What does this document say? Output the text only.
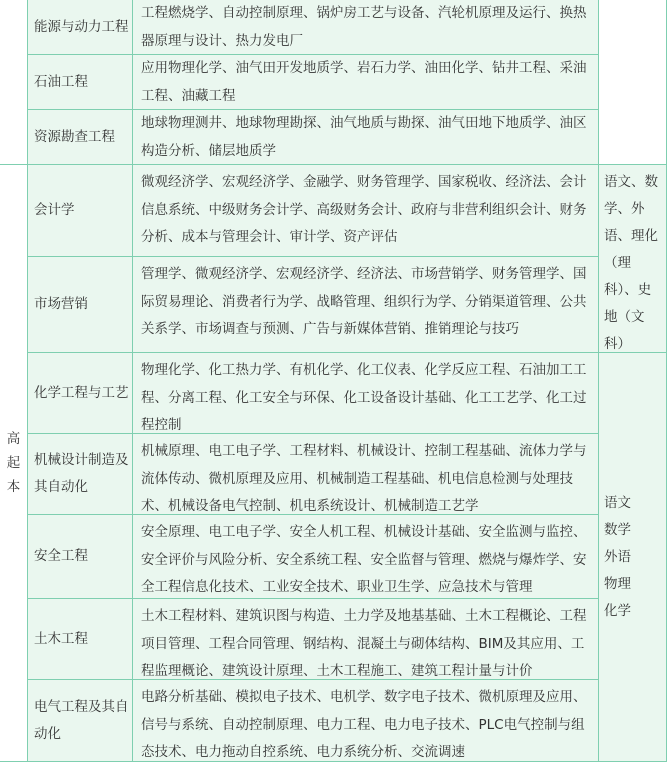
高起本
能源与动力工程
工程燃烧学、自动控制原理、锅炉房工艺与设备、汽轮机原理及运行、换热器原理与设计、热力发电厂
石油工程
应用物理化学、油气田开发地质学、岩石力学、油田化学、钻井工程、采油工程、油藏工程
资源勘查工程
地球物理测井、地球物理勘探、油气地质与勘探、油气田地下地质学、油区构造分析、储层地质学
会计学
微观经济学、宏观经济学、金融学、财务管理学、国家税收、经济法、会计信息系统、中级财务会计学、高级财务会计、政府与非营利组织会计、财务分析、成本与管理会计、审计学、资产评估
市场营销
管理学、微观经济学、宏观经济学、经济法、市场营销学、财务管理学、国际贸易理论、消费者行为学、战略管理、组织行为学、分销渠道管理、公共关系学、市场调查与预测、广告与新媒体营销、推销理论与技巧
语文、数学、外语、理化（理科）、史地（文科）
化学工程与工艺
物理化学、化工热力学、有机化学、化工仪表、化学反应工程、石油加工工程、分离工程、化工安全与环保、化工设备设计基础、化工工艺学、化工过程控制
机械设计制造及其自动化
机械原理、电工电子学、工程材料、机械设计、控制工程基础、流体力学与流体传动、微机原理及应用、机械制造工程基础、机电信息检测与处理技术、机械设备电气控制、机电系统设计、机械制造工艺学
安全工程
安全原理、电工电子学、安全人机工程、机械设计基础、安全监测与监控、安全评价与风险分析、安全系统工程、安全监督与管理、燃烧与爆炸学、安全工程信息化技术、工业安全技术、职业卫生学、应急技术与管理
土木工程
土木工程材料、建筑识图与构造、土力学及地基基础、土木工程概论、工程项目管理、工程合同管理、钢结构、混凝土与砌体结构、BIM及其应用、工程监理概论、建筑设计原理、土木工程施工、建筑工程计量与计价
电气工程及其自动化
电路分析基础、模拟电子技术、电机学、数字电子技术、微机原理及应用、信号与系统、自动控制原理、电力工程、电力电子技术、PLC电气控制与组态技术、电力拖动自控系统、电力系统分析、交流调速
语文数学外语物理化学
